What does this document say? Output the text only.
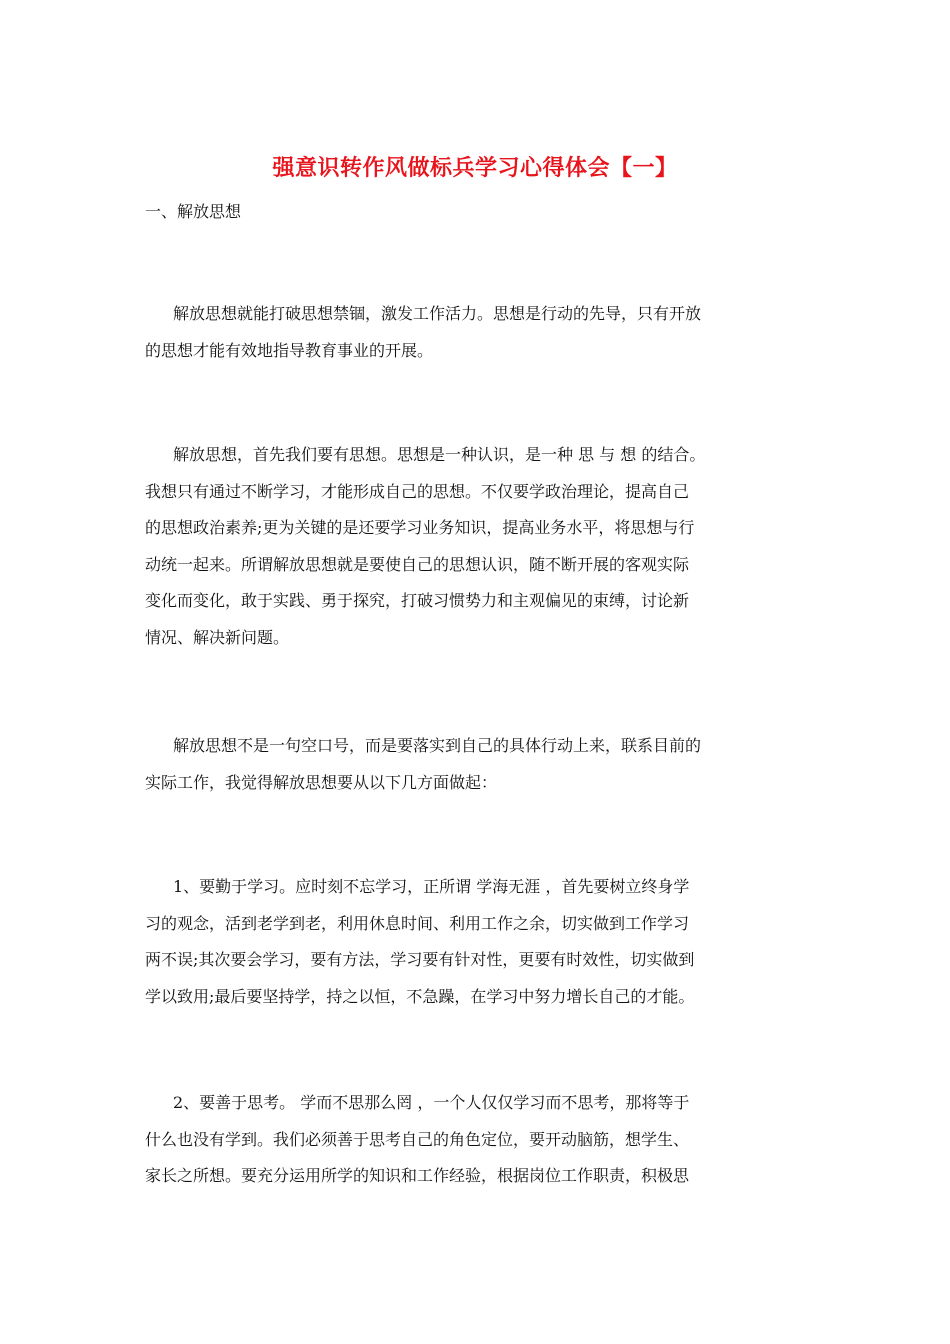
强意识转作风做标兵学习心得体会【一】
一、解放思想
解放思想就能打破思想禁锢，激发工作活力。思想是行动的先导，只有开放
的思想才能有效地指导教育事业的开展。
解放思想，首先我们要有思想。思想是一种认识，是一种 思 与 想 的结合。
我想只有通过不断学习，才能形成自己的思想。不仅要学政治理论，提高自己
的思想政治素养;更为关键的是还要学习业务知识，提高业务水平，将思想与行
动统一起来。所谓解放思想就是要使自己的思想认识，随不断开展的客观实际
变化而变化，敢于实践、勇于探究，打破习惯势力和主观偏见的束缚，讨论新
情况、解决新问题。
解放思想不是一句空口号，而是要落实到自己的具体行动上来，联系目前的
实际工作，我觉得解放思想要从以下几方面做起：
1、要勤于学习。应时刻不忘学习，正所谓 学海无涯 ，首先要树立终身学
习的观念，活到老学到老，利用休息时间、利用工作之余，切实做到工作学习
两不误;其次要会学习，要有方法，学习要有针对性，更要有时效性，切实做到
学以致用;最后要坚持学，持之以恒，不急躁，在学习中努力增长自己的才能。
2、要善于思考。 学而不思那么罔 ，一个人仅仅学习而不思考，那将等于
什么也没有学到。我们必须善于思考自己的角色定位，要开动脑筋，想学生、
家长之所想。要充分运用所学的知识和工作经验，根据岗位工作职责，积极思
